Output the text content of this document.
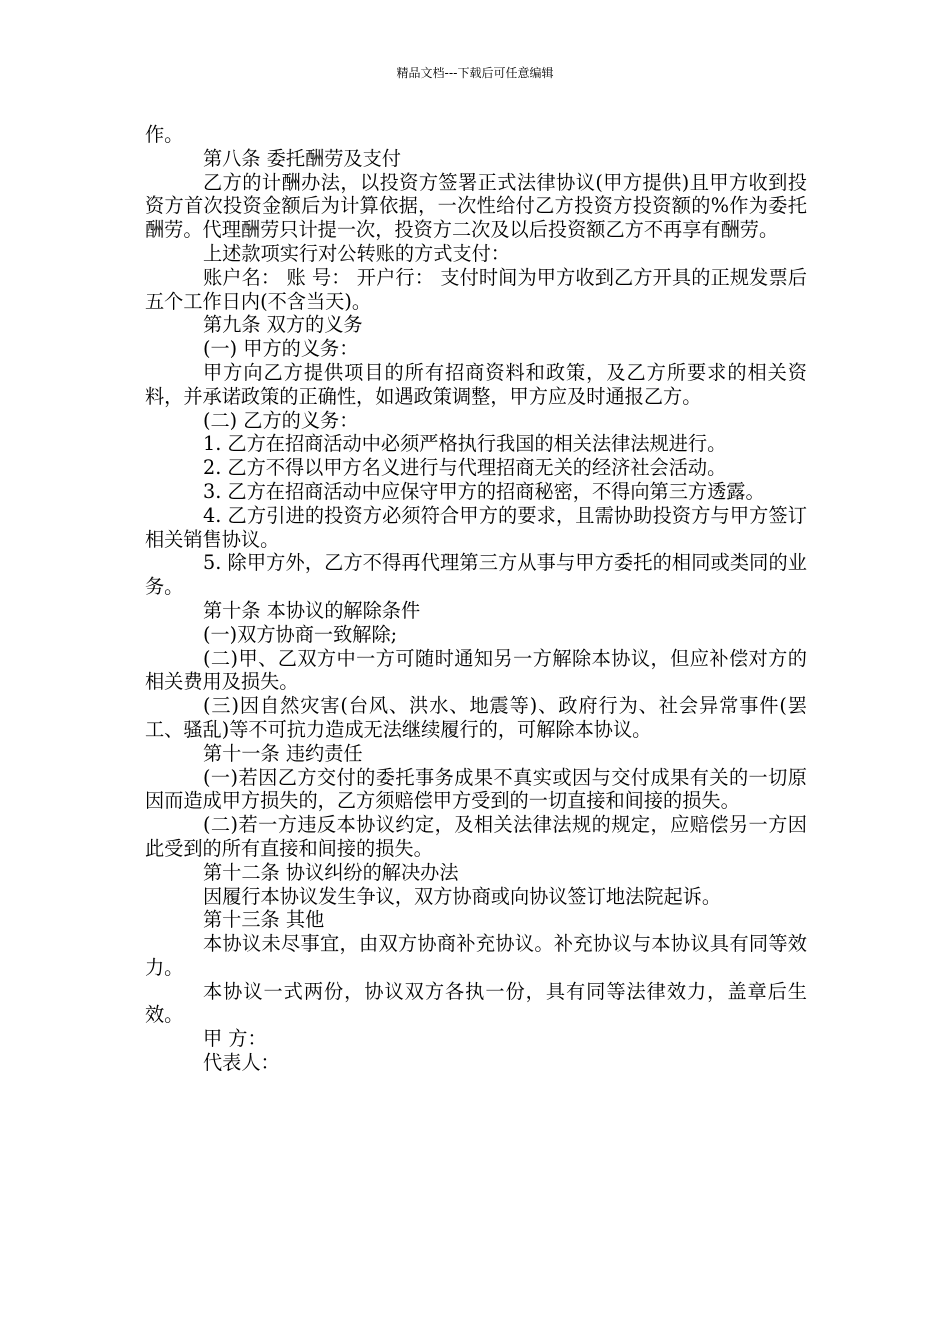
精品文档---下载后可任意编辑

作。

第八条 委托酬劳及支付

乙方的计酬办法，以投资方签署正式法律协议(甲方提供)且甲方收到投资方首次投资金额后为计算依据，一次性给付乙方投资方投资额的%作为委托酬劳。代理酬劳只计提一次，投资方二次及以后投资额乙方不再享有酬劳。

上述款项实行对公转账的方式支付：

账户名： 账 号： 开户行： 支付时间为甲方收到乙方开具的正规发票后五个工作日内(不含当天)。

第九条 双方的义务

(一) 甲方的义务：

甲方向乙方提供项目的所有招商资料和政策，及乙方所要求的相关资料，并承诺政策的正确性，如遇政策调整，甲方应及时通报乙方。

(二) 乙方的义务：

1. 乙方在招商活动中必须严格执行我国的相关法律法规进行。

2. 乙方不得以甲方名义进行与代理招商无关的经济社会活动。

3. 乙方在招商活动中应保守甲方的招商秘密，不得向第三方透露。

4. 乙方引进的投资方必须符合甲方的要求，且需协助投资方与甲方签订相关销售协议。

5. 除甲方外，乙方不得再代理第三方从事与甲方委托的相同或类同的业务。

第十条 本协议的解除条件

(一)双方协商一致解除;

(二)甲、乙双方中一方可随时通知另一方解除本协议，但应补偿对方的相关费用及损失。

(三)因自然灾害(台风、洪水、地震等)、政府行为、社会异常事件(罢工、骚乱)等不可抗力造成无法继续履行的，可解除本协议。

第十一条 违约责任

(一)若因乙方交付的委托事务成果不真实或因与交付成果有关的一切原因而造成甲方损失的，乙方须赔偿甲方受到的一切直接和间接的损失。

(二)若一方违反本协议约定，及相关法律法规的规定，应赔偿另一方因此受到的所有直接和间接的损失。

第十二条 协议纠纷的解决办法

因履行本协议发生争议，双方协商或向协议签订地法院起诉。

第十三条 其他

本协议未尽事宜，由双方协商补充协议。补充协议与本协议具有同等效力。

本协议一式两份，协议双方各执一份，具有同等法律效力，盖章后生效。

甲 方：

代表人：
